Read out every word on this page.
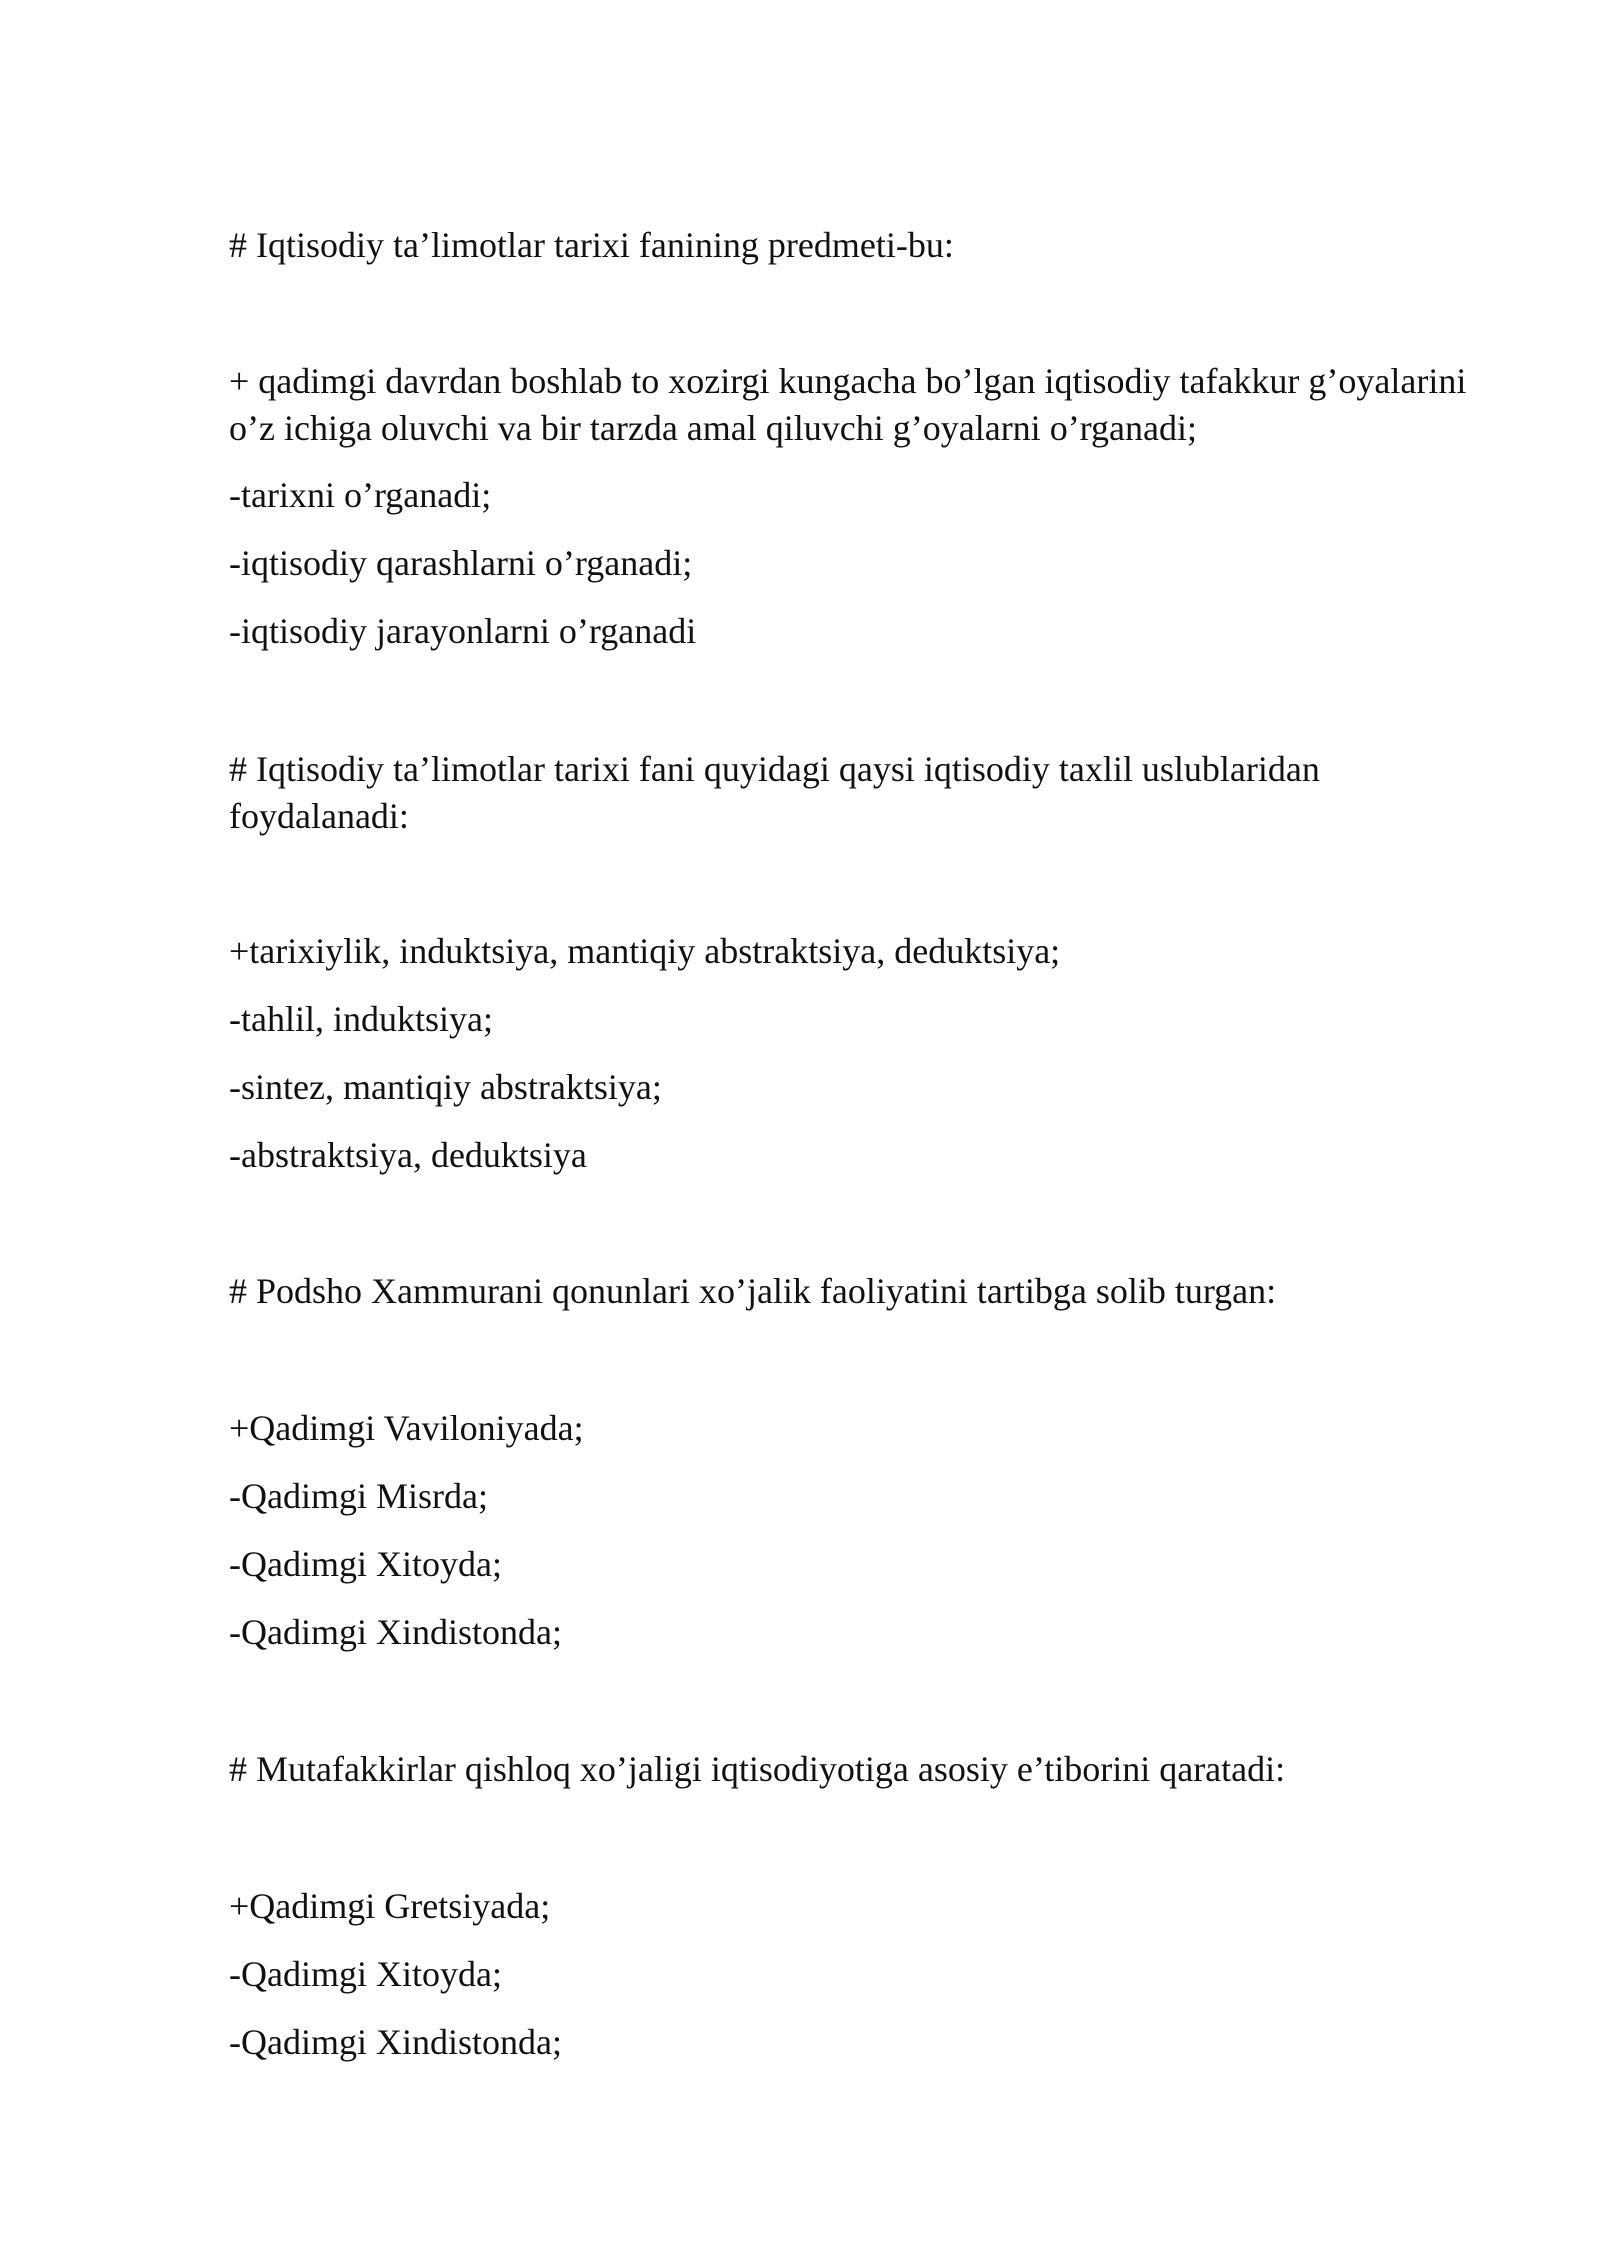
# Iqtisodiy ta’limotlar tarixi fanining predmeti-bu:

+ qadimgi davrdan boshlab to xozirgi kungacha bo’lgan iqtisodiy tafakkur g’oyalarini o’z ichiga oluvchi va bir tarzda amal qiluvchi g’oyalarni o’rganadi;

-tarixni o’rganadi;

-iqtisodiy qarashlarni o’rganadi;

-iqtisodiy jarayonlarni o’rganadi

# Iqtisodiy ta’limotlar tarixi fani quyidagi qaysi iqtisodiy taxlil uslublaridan foydalanadi:

+tarixiylik, induktsiya, mantiqiy abstraktsiya, deduktsiya;

-tahlil, induktsiya;

-sintez, mantiqiy abstraktsiya;

-abstraktsiya, deduktsiya

# Podsho Xammurani qonunlari xo’jalik faoliyatini tartibga solib turgan:

+Qadimgi Vaviloniyada;

-Qadimgi Misrda;

-Qadimgi Xitoyda;

-Qadimgi Xindistonda;

# Mutafakkirlar qishloq xo’jaligi iqtisodiyotiga asosiy e’tiborini qaratadi:

+Qadimgi Gretsiyada;

-Qadimgi Xitoyda;

-Qadimgi Xindistonda;
